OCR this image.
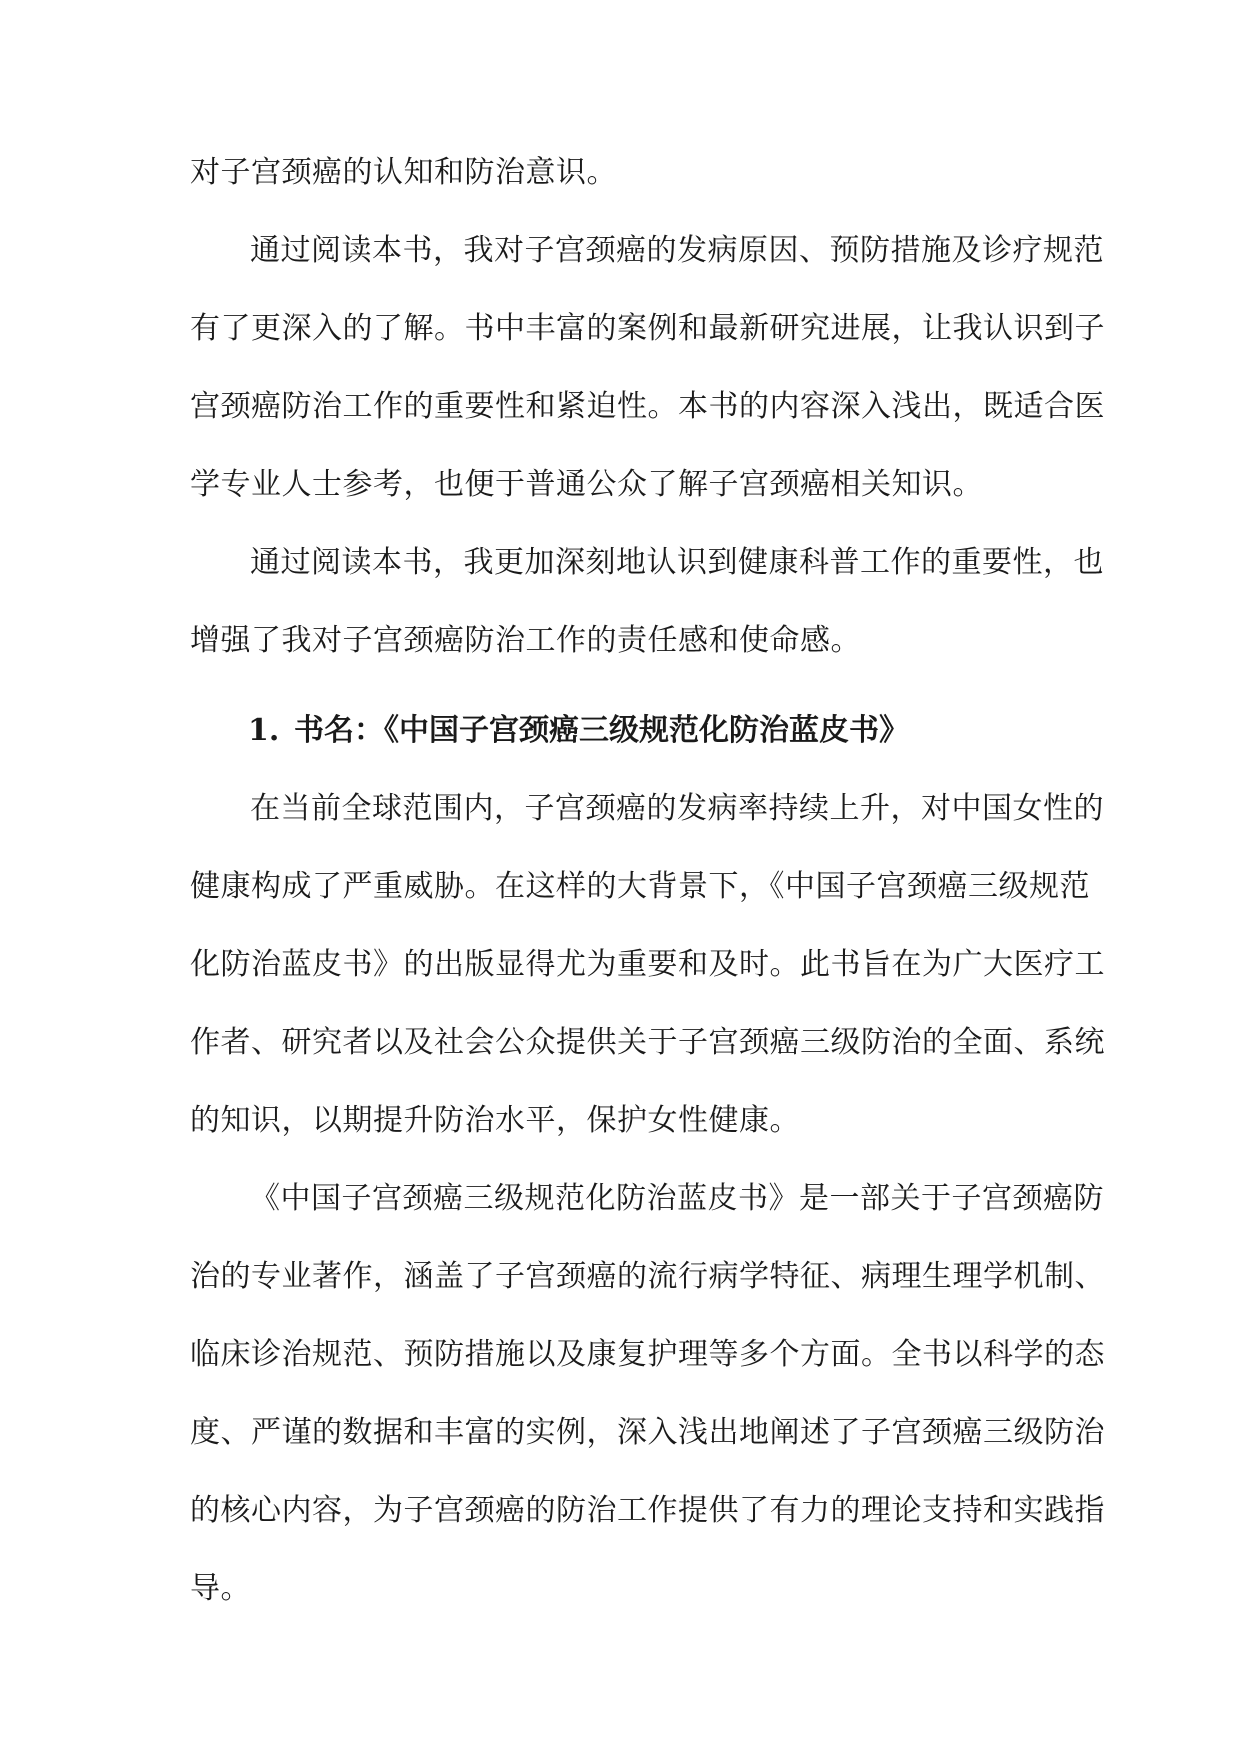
对子宫颈癌的认知和防治意识。
通过阅读本书，我对子宫颈癌的发病原因、预防措施及诊疗规范
有了更深入的了解。书中丰富的案例和最新研究进展，让我认识到子
宫颈癌防治工作的重要性和紧迫性。本书的内容深入浅出，既适合医
学专业人士参考，也便于普通公众了解子宫颈癌相关知识。
通过阅读本书，我更加深刻地认识到健康科普工作的重要性，也
增强了我对子宫颈癌防治工作的责任感和使命感。
1. 书名：《中国子宫颈癌三级规范化防治蓝皮书》
在当前全球范围内，子宫颈癌的发病率持续上升，对中国女性的
健康构成了严重威胁。在这样的大背景下，《中国子宫颈癌三级规范
化防治蓝皮书》的出版显得尤为重要和及时。此书旨在为广大医疗工
作者、研究者以及社会公众提供关于子宫颈癌三级防治的全面、系统
的知识，以期提升防治水平，保护女性健康。
《中国子宫颈癌三级规范化防治蓝皮书》是一部关于子宫颈癌防
治的专业著作，涵盖了子宫颈癌的流行病学特征、病理生理学机制、
临床诊治规范、预防措施以及康复护理等多个方面。全书以科学的态
度、严谨的数据和丰富的实例，深入浅出地阐述了子宫颈癌三级防治
的核心内容，为子宫颈癌的防治工作提供了有力的理论支持和实践指
导。
